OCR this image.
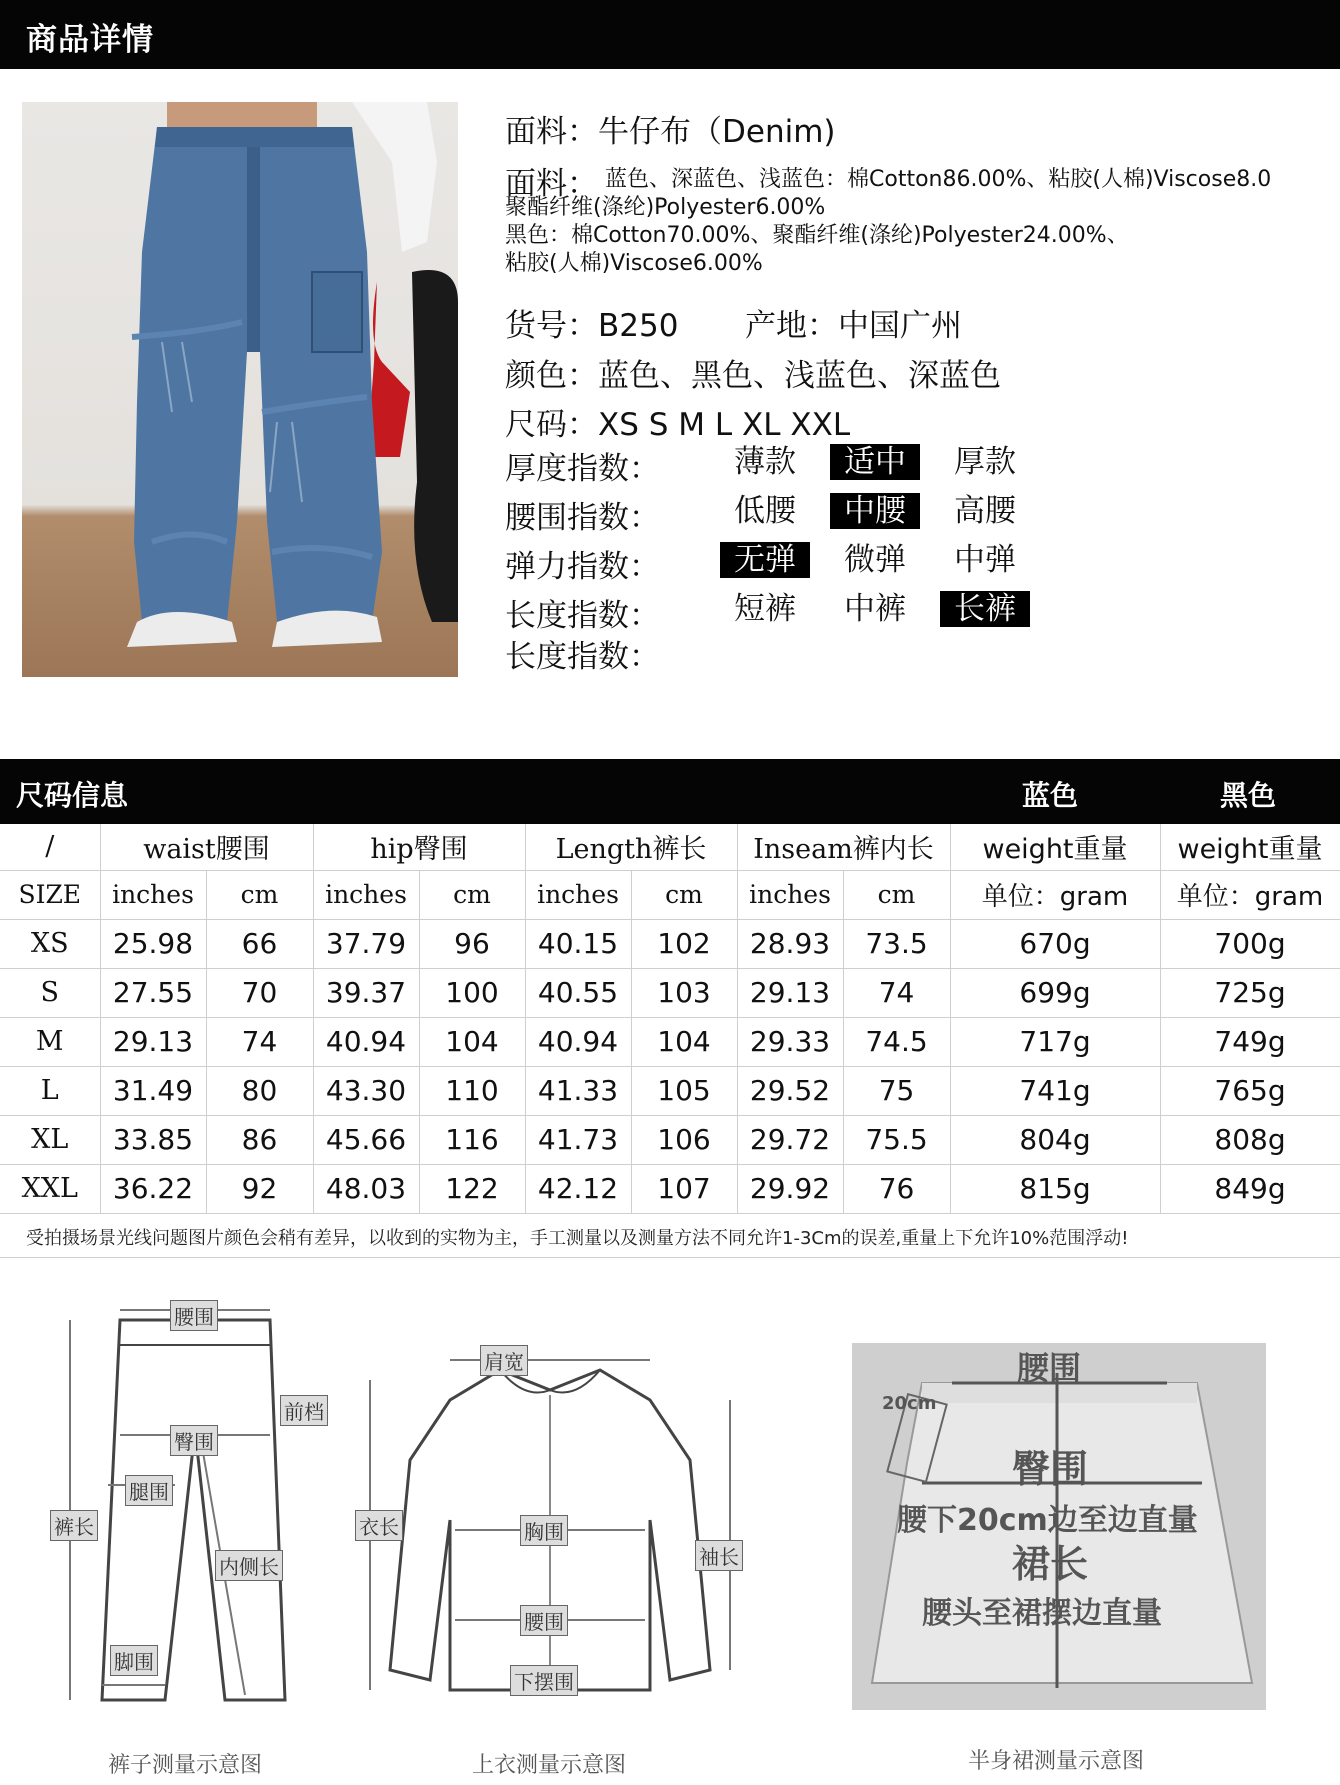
商品详情
面料：牛仔布（Denim)
面料： 蓝色、深蓝色、浅蓝色：棉Cotton86.00%、粘胶(人棉)Viscose8.0
聚酯纤维(涤纶)Polyester6.00%
黑色：棉Cotton70.00%、聚酯纤维(涤纶)Polyester24.00%、
粘胶(人棉)Viscose6.00%
货号：B250 产地：中国广州
颜色：蓝色、黑色、浅蓝色、深蓝色
尺码：XS S M L XL XXL
厚度指数：	薄款	适中	厚款
腰围指数：	低腰	中腰	高腰
弹力指数：	无弹	微弹	中弹
长度指数：	短裤	中裤	长裤
长度指数：
尺码信息	蓝色	黑色
/	waist腰围		hip臀围		Length裤长		Inseam裤内长		weight重量	weight重量
SIZE	inches	cm	inches	cm	inches	cm	inches	cm	单位：gram	单位：gram
XS	25.98	66	37.79	96	40.15	102	28.93	73.5	670g	700g
S	27.55	70	39.37	100	40.55	103	29.13	74	699g	725g
M	29.13	74	40.94	104	40.94	104	29.33	74.5	717g	749g
L	31.49	80	43.30	110	41.33	105	29.52	75	741g	765g
XL	33.85	86	45.66	116	41.73	106	29.72	75.5	804g	808g
XXL	36.22	92	48.03	122	42.12	107	29.92	76	815g	849g
受拍摄场景光线问题图片颜色会稍有差异，以收到的实物为主，手工测量以及测量方法不同允许1-3Cm的误差,重量上下允许10%范围浮动!
腰围
前档
臀围
腿围
裤长
内侧长
脚围
裤子测量示意图
肩宽
衣长	胸围
袖长
腰围
下摆围
上衣测量示意图
腰围
20cm
臀围
腰下20cm边至边直量
裙长
腰头至裙摆边直量
半身裙测量示意图
